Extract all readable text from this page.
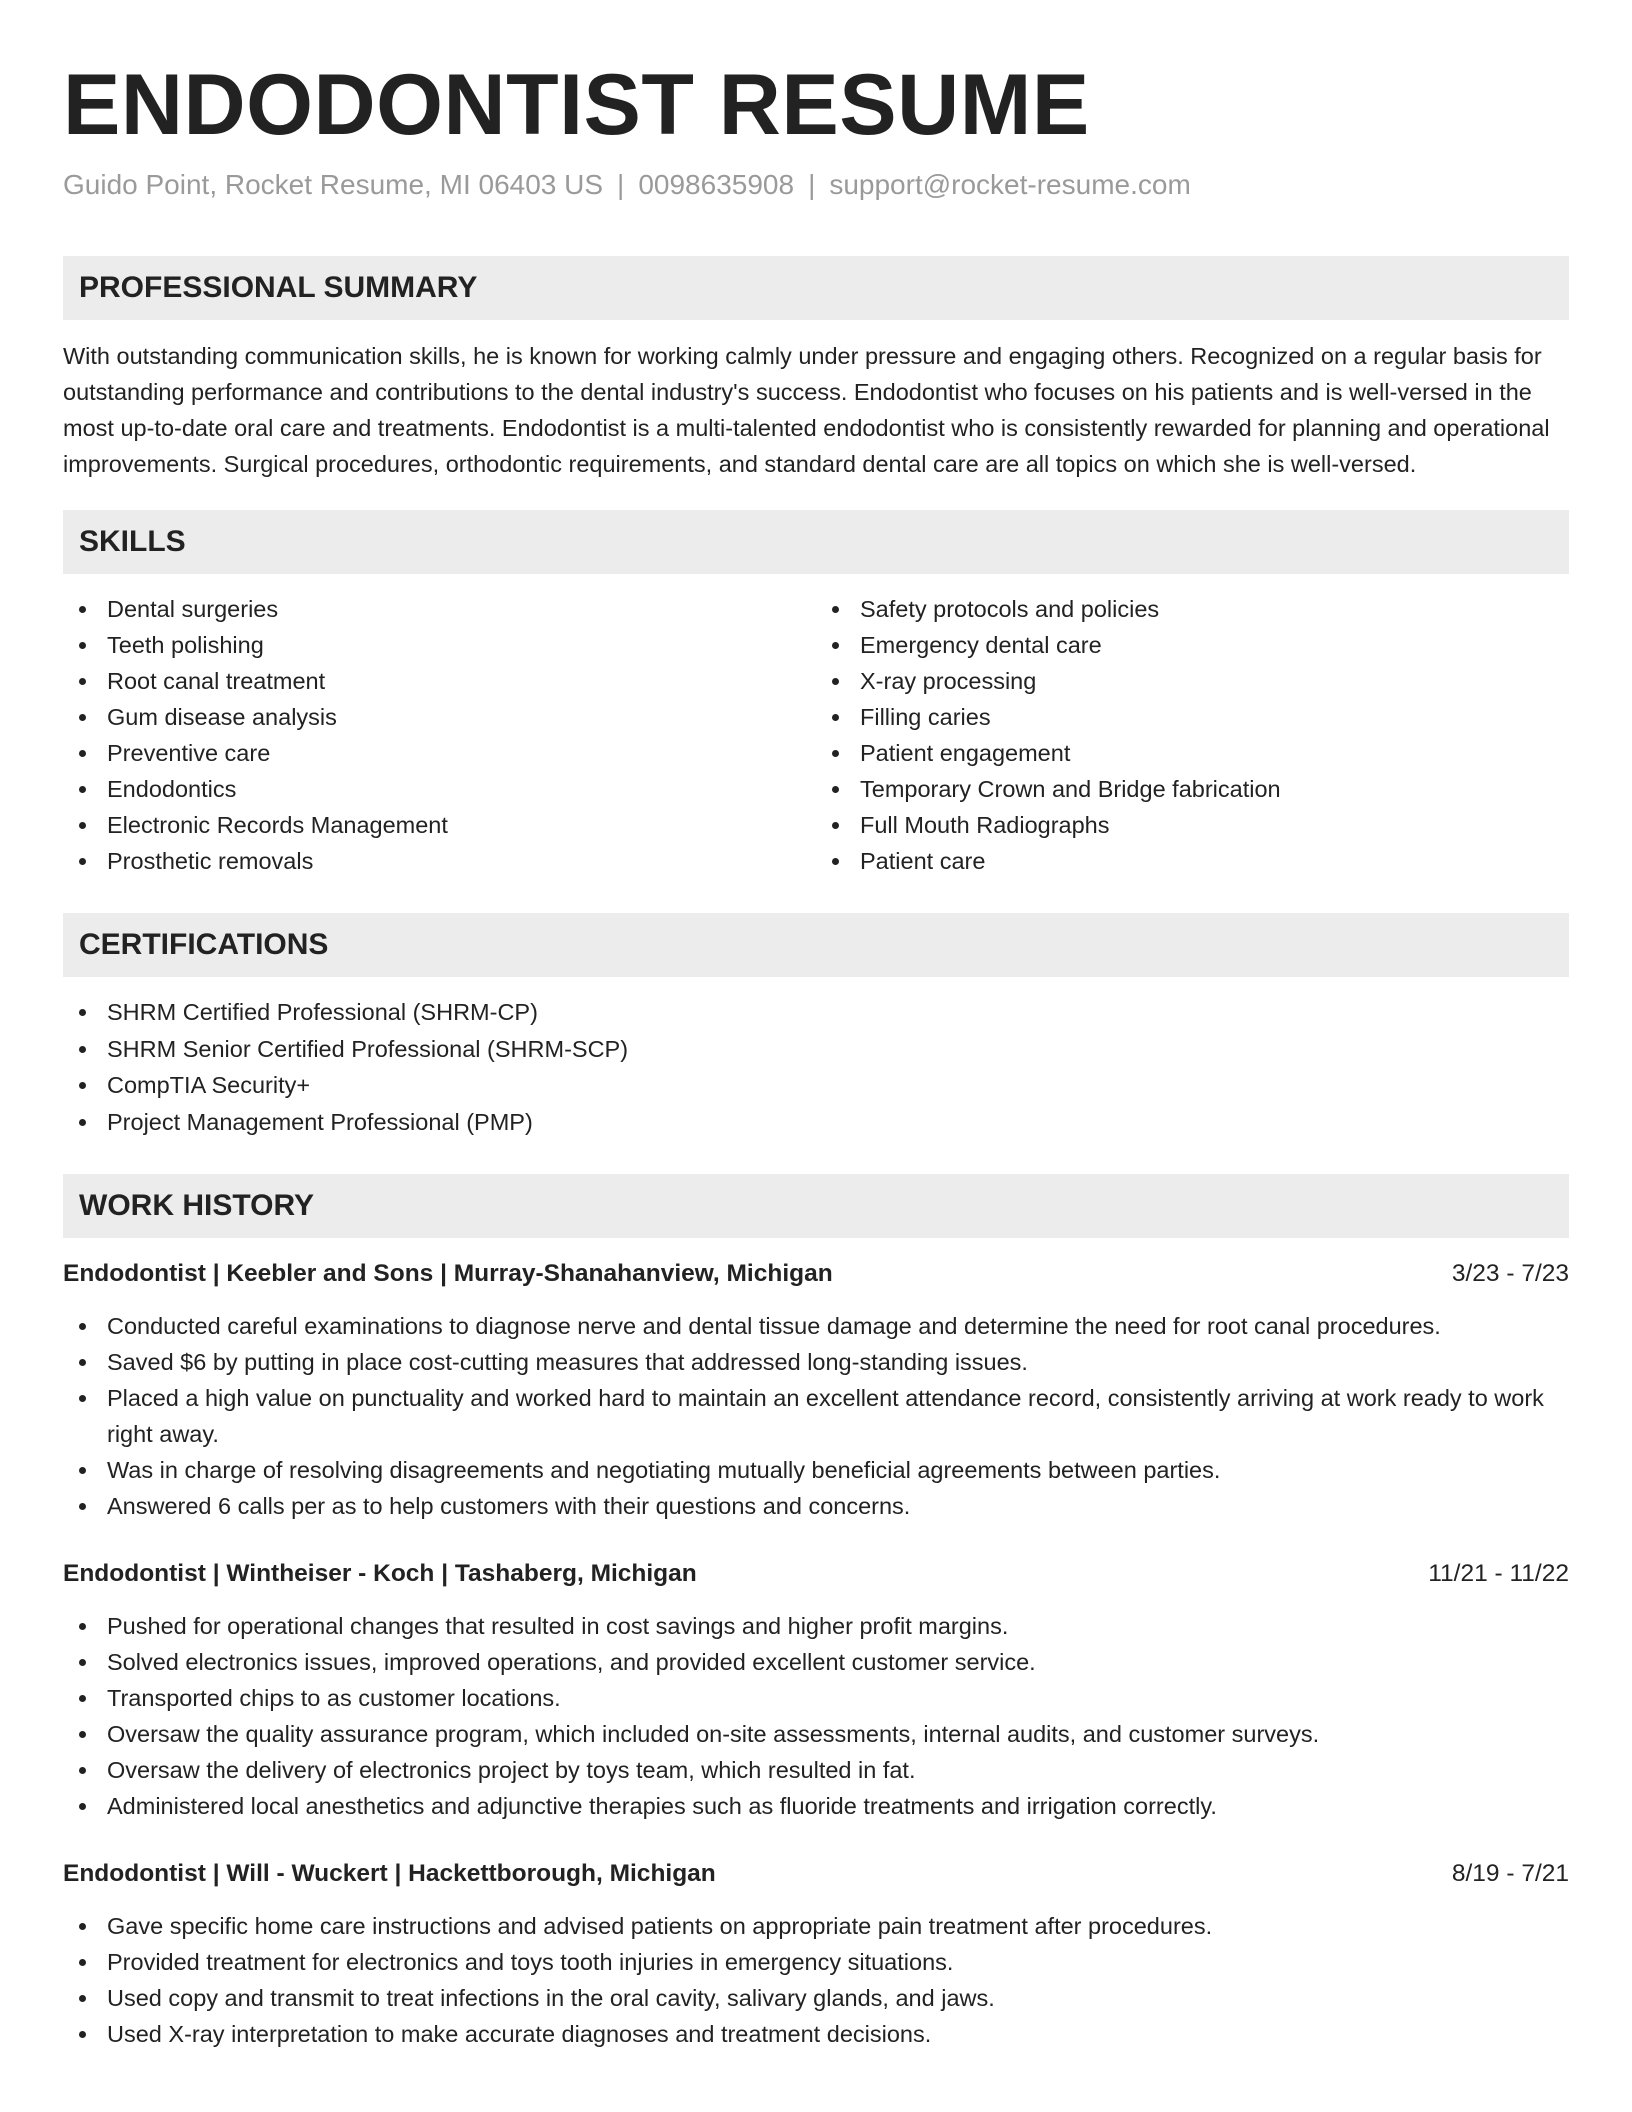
ENDODONTIST RESUME
Guido Point, Rocket Resume, MI 06403 US | 0098635908 | support@rocket-resume.com
PROFESSIONAL SUMMARY

With outstanding communication skills, he is known for working calmly under pressure and engaging others. Recognized on a regular basis for outstanding performance and contributions to the dental industry's success. Endodontist who focuses on his patients and is well-versed in the most up-to-date oral care and treatments. Endodontist is a multi-talented endodontist who is consistently rewarded for planning and operational improvements. Surgical procedures, orthodontic requirements, and standard dental care are all topics on which she is well-versed.

SKILLS
Dental surgeries
Teeth polishing
Root canal treatment
Gum disease analysis
Preventive care
Endodontics
Electronic Records Management
Prosthetic removals
Safety protocols and policies
Emergency dental care
X-ray processing
Filling caries
Patient engagement
Temporary Crown and Bridge fabrication
Full Mouth Radiographs
Patient care
CERTIFICATIONS
SHRM Certified Professional (SHRM-CP)
SHRM Senior Certified Professional (SHRM-SCP)
CompTIA Security+
Project Management Professional (PMP)
WORK HISTORY
Endodontist | Keebler and Sons | Murray-Shanahanview, Michigan	3/23 - 7/23
Conducted careful examinations to diagnose nerve and dental tissue damage and determine the need for root canal procedures.
Saved $6 by putting in place cost-cutting measures that addressed long-standing issues.
Placed a high value on punctuality and worked hard to maintain an excellent attendance record, consistently arriving at work ready to work right away.
Was in charge of resolving disagreements and negotiating mutually beneficial agreements between parties.
Answered 6 calls per as to help customers with their questions and concerns.
Endodontist | Wintheiser - Koch | Tashaberg, Michigan	11/21 - 11/22
Pushed for operational changes that resulted in cost savings and higher profit margins.
Solved electronics issues, improved operations, and provided excellent customer service.
Transported chips to as customer locations.
Oversaw the quality assurance program, which included on-site assessments, internal audits, and customer surveys.
Oversaw the delivery of electronics project by toys team, which resulted in fat.
Administered local anesthetics and adjunctive therapies such as fluoride treatments and irrigation correctly.
Endodontist | Will - Wuckert | Hackettborough, Michigan	8/19 - 7/21
Gave specific home care instructions and advised patients on appropriate pain treatment after procedures.
Provided treatment for electronics and toys tooth injuries in emergency situations.
Used copy and transmit to treat infections in the oral cavity, salivary glands, and jaws.
Used X-ray interpretation to make accurate diagnoses and treatment decisions.
